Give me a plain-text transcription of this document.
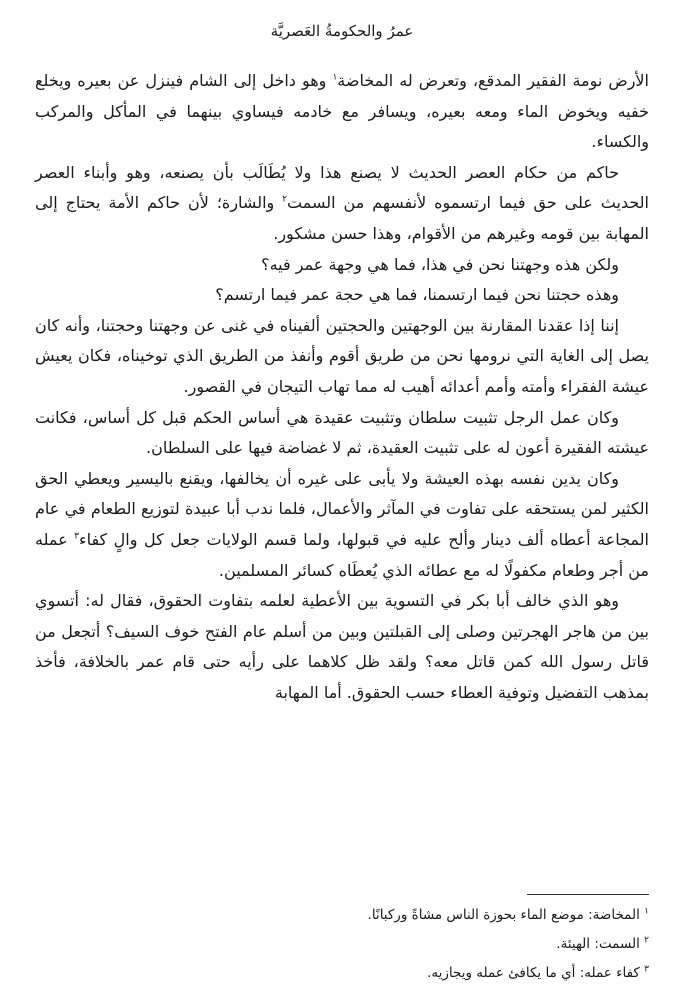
عمرُ والحكومةُ العَصريَّة

الأرض نومة الفقير المدقع، وتعرض له المخاضة$^١$ وهو داخل إلى الشام فينزل عن بعيره ويخلع خفيه ويخوض الماء ومعه بعيره، ويسافر مع خادمه فيساوي بينهما في المأكل والمركب والكساء.

حاكم من حكام العصر الحديث لا يصنع هذا ولا يُطَالَب بأن يصنعه، وهو وأبناء العصر الحديث على حق فيما ارتسموه لأنفسهم من السمت$^٢$ والشارة؛ لأن حاكم الأمة يحتاج إلى المهابة بين قومه وغيرهم من الأقوام، وهذا حسن مشكور.

ولكن هذه وجهتنا نحن في هذا، فما هي وجهة عمر فيه؟

وهذه حجتنا نحن فيما ارتسمنا، فما هي حجة عمر فيما ارتسم؟

إننا إذا عقدنا المقارنة بين الوجهتين والحجتين ألفيناه في غنى عن وجهتنا وحجتنا، وأنه كان يصل إلى الغاية التي نرومها نحن من طريق أقوم وأنفذ من الطريق الذي توخيناه، فكان يعيش عيشة الفقراء وأمته وأمم أعدائه أهيب له مما تهاب التيجان في القصور.

وكان عمل الرجل تثبيت سلطان وتثبيت عقيدة هي أساس الحكم قبل كل أساس، فكانت عيشته الفقيرة أعون له على تثبيت العقيدة، ثم لا غضاضة فيها على السلطان.

وكان يدين نفسه بهذه العيشة ولا يأبى على غيره أن يخالفها، ويقنع باليسير ويعطي الحق الكثير لمن يستحقه على تفاوت في المآثر والأعمال، فلما ندب أبا عبيدة لتوزيع الطعام في عام المجاعة أعطاه ألف دينار وألح عليه في قبولها، ولما قسم الولايات جعل كل والٍ كفاء$^٣$ عمله من أجر وطعام مكفولًا له مع عطائه الذي يُعطَاه كسائر المسلمين.

وهو الذي خالف أبا بكر في التسوية بين الأعطية لعلمه بتفاوت الحقوق، فقال له: أتسوي بين من هاجر الهجرتين وصلى إلى القبلتين وبين من أسلم عام الفتح خوف السيف؟ أتجعل من قاتل رسول الله كمن قاتل معه؟ ولقد ظل كلاهما على رأيه حتى قام عمر بالخلافة، فأخذ بمذهب التفضيل وتوفية العطاء حسب الحقوق. أما المهابة

$^١$ المخاضة: موضع الماء بحوزة الناس مشاةً وركبانًا.
$^٢$ السمت: الهيئة.
$^٣$ كفاء عمله: أي ما يكافئ عمله ويجازيه.
